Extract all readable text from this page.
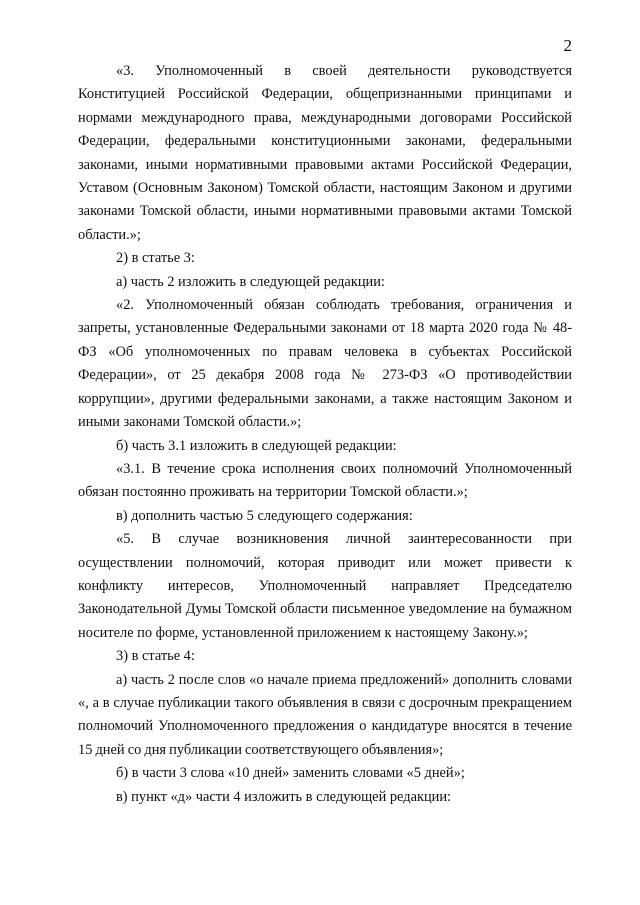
2

«3. Уполномоченный в своей деятельности руководствуется Конституцией Российской Федерации, общепризнанными принципами и нормами международного права, международными договорами Российской Федерации, федеральными конституционными законами, федеральными законами, иными нормативными правовыми актами Российской Федерации, Уставом (Основным Законом) Томской области, настоящим Законом и другими законами Томской области, иными нормативными правовыми актами Томской области.»;

2) в статье 3:

а) часть 2 изложить в следующей редакции:

«2. Уполномоченный обязан соблюдать требования, ограничения и запреты, установленные Федеральными законами от 18 марта 2020 года № 48-ФЗ «Об уполномоченных по правам человека в субъектах Российской Федерации», от 25 декабря 2008 года № 273-ФЗ «О противодействии коррупции», другими федеральными законами, а также настоящим Законом и иными законами Томской области.»;

б) часть 3.1 изложить в следующей редакции:

«3.1. В течение срока исполнения своих полномочий Уполномоченный обязан постоянно проживать на территории Томской области.»;

в) дополнить частью 5 следующего содержания:

«5. В случае возникновения личной заинтересованности при осуществлении полномочий, которая приводит или может привести к конфликту интересов, Уполномоченный направляет Председателю Законодательной Думы Томской области письменное уведомление на бумажном носителе по форме, установленной приложением к настоящему Закону.»;

3) в статье 4:

а) часть 2 после слов «о начале приема предложений» дополнить словами «, а в случае публикации такого объявления в связи с досрочным прекращением полномочий Уполномоченного предложения о кандидатуре вносятся в течение 15 дней со дня публикации соответствующего объявления»;

б) в части 3 слова «10 дней» заменить словами «5 дней»;

в) пункт «д» части 4 изложить в следующей редакции:
